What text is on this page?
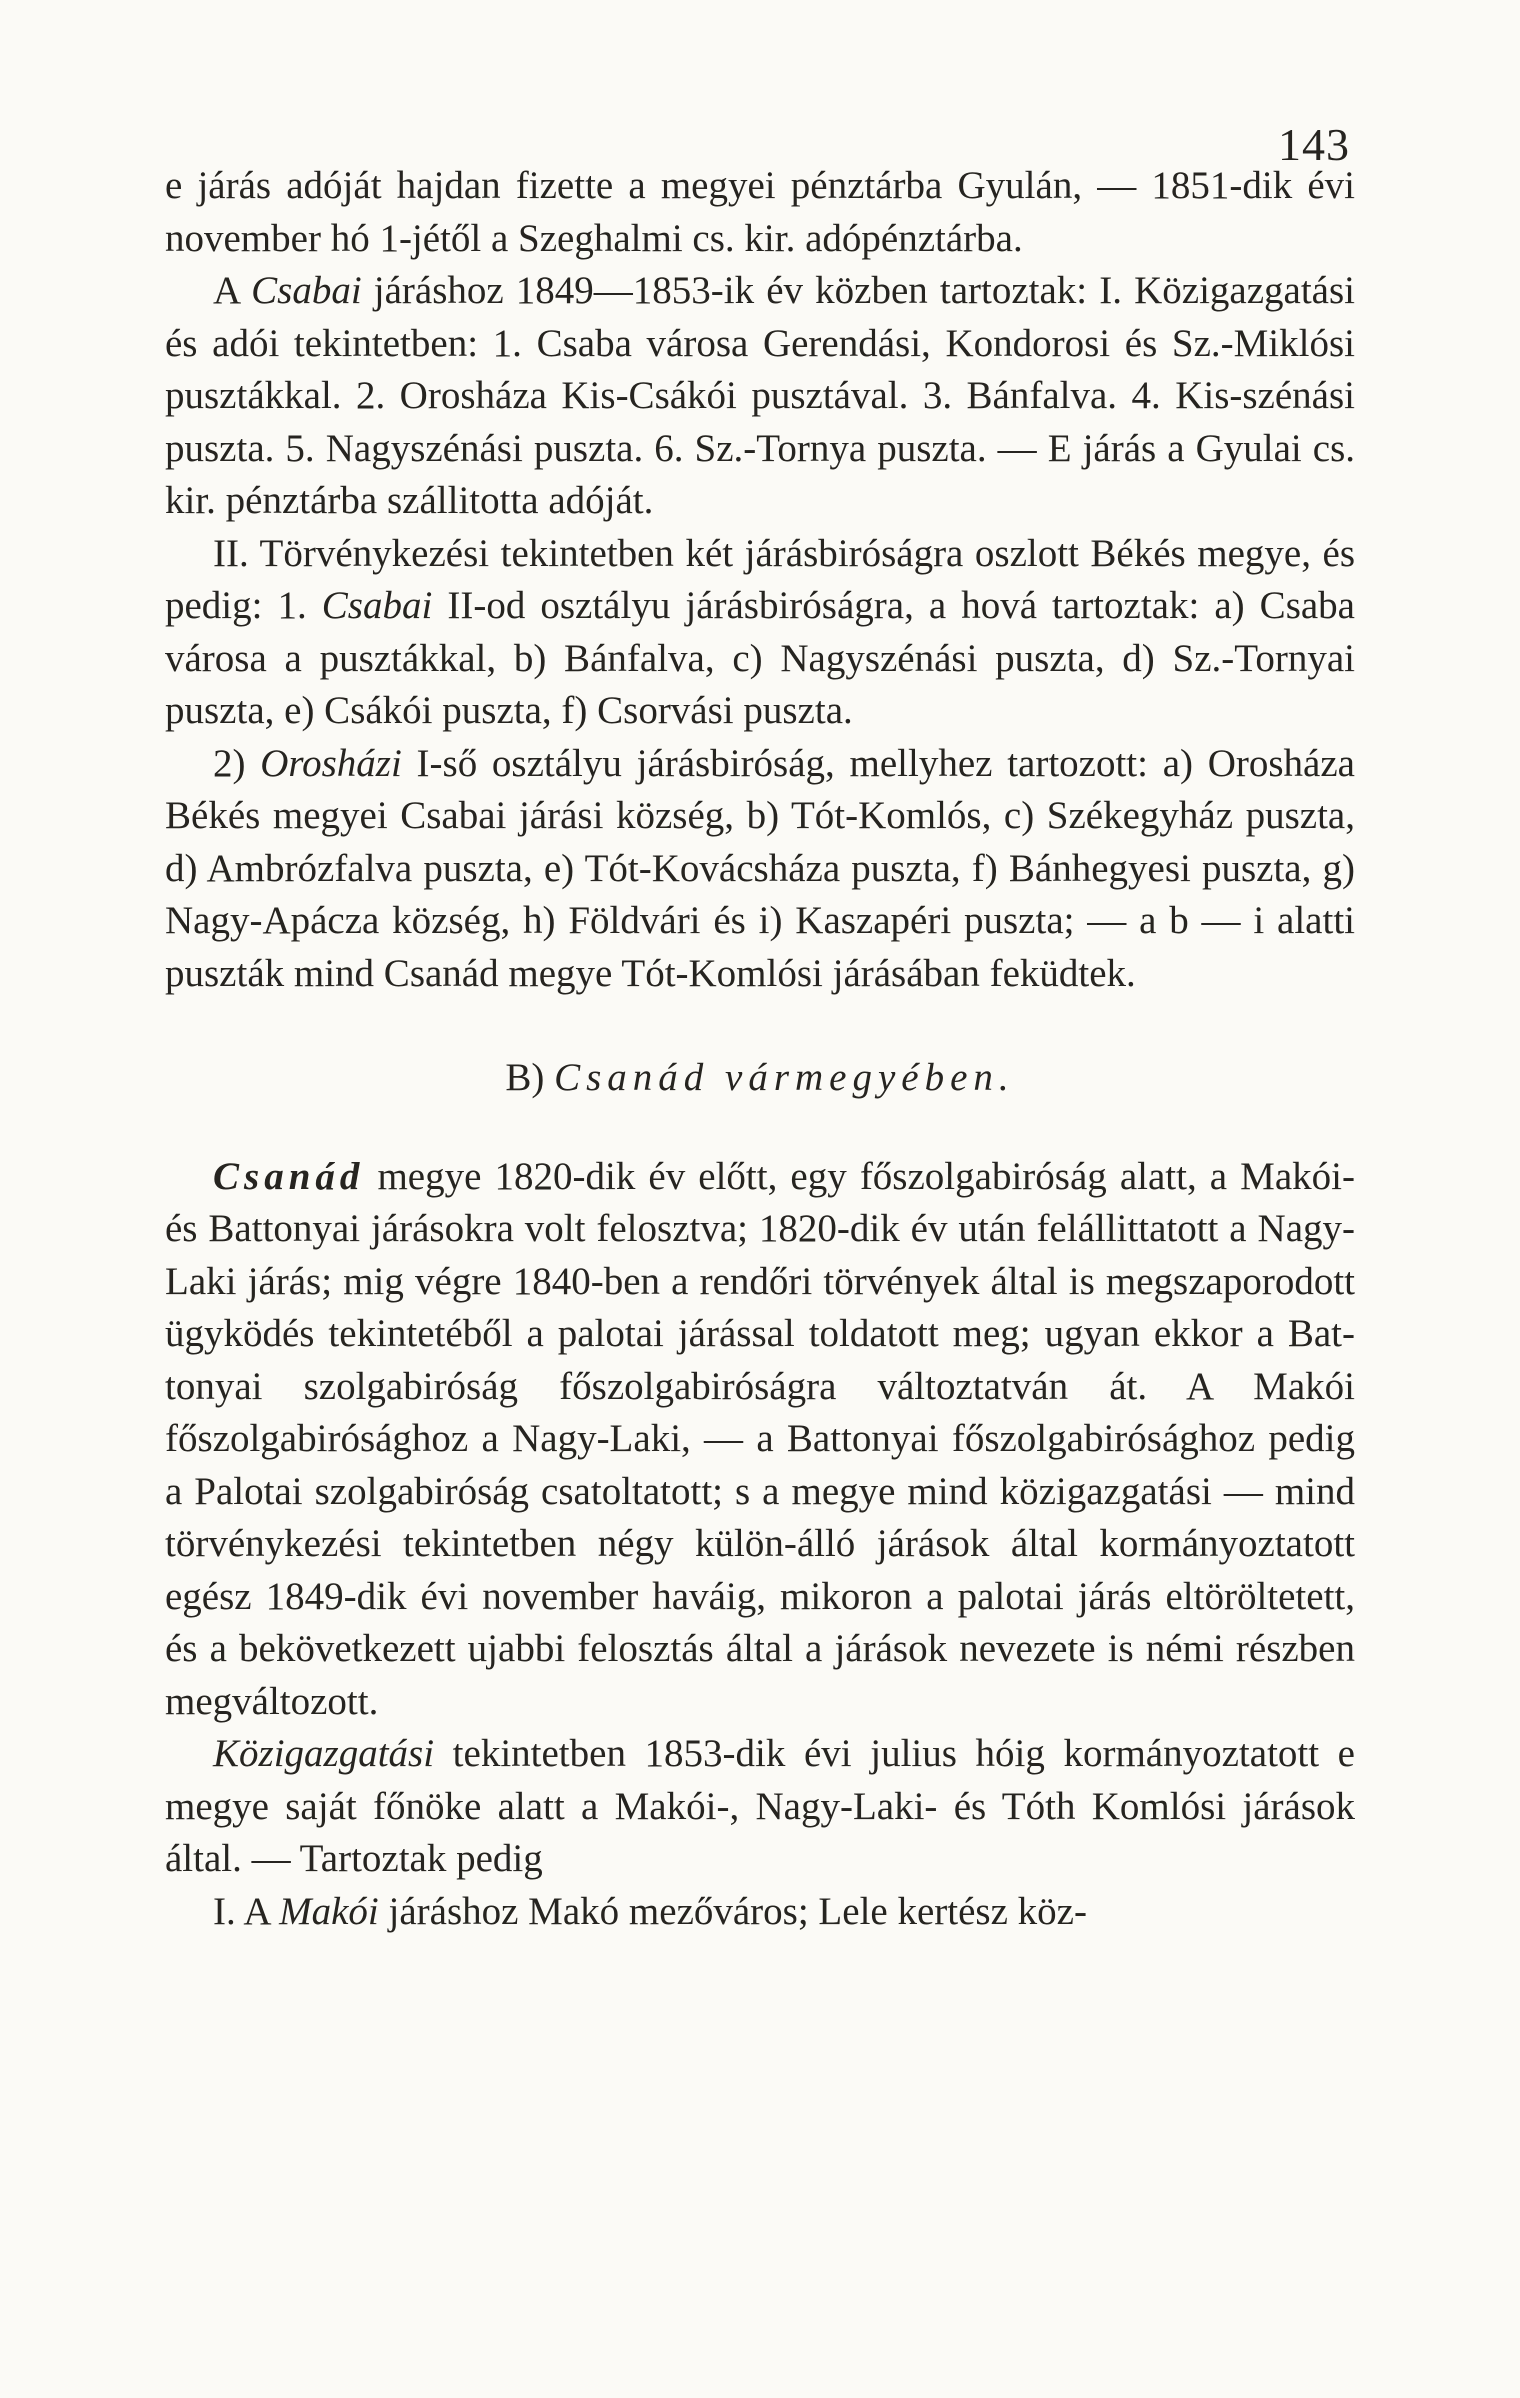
143

e járás adóját hajdan fizette a megyei pénztárba Gyulán, — 1851-dik évi november hó 1-jétől a Szeghalmi cs. kir. adópénztárba.

A Csabai járáshoz 1849—1853-ik év közben tartoztak: I. Közigazgatási és adói tekintetben: 1. Csaba városa Gerendási, Kondorosi és Sz.-Miklósi pusztákkal. 2. Orosháza Kis-Csákói pusztával. 3. Bánfalva. 4. Kis-szénási puszta. 5. Nagyszénási puszta. 6. Sz.-Tornya puszta. — E járás a Gyulai cs. kir. pénztárba szállitotta adóját.

II. Törvénykezési tekintetben két járásbiróságra oszlott Békés megye, és pedig: 1. Csabai II-od osztályu járásbiróságra, a hová tartoztak: a) Csaba városa a pusztákkal, b) Bánfalva, c) Nagyszénási puszta, d) Sz.-Tornyai puszta, e) Csákói puszta, f) Csorvási puszta.

2) Orosházi I-ső osztályu járásbiróság, mellyhez tartozott: a) Orosháza Békés megyei Csabai járási község, b) Tót-Komlós, c) Székegyház puszta, d) Ambrózfalva puszta, e) Tót-Kovácsháza puszta, f) Bánhegyesi puszta, g) Nagy-Apácza község, h) Földvári és i) Kaszapéri puszta; — a b — i alatti puszták mind Csanád megye Tót-Komlósi járásában feküdtek.

B) Csanád vármegyében.

Csanád megye 1820-dik év előtt, egy főszolgabiróság alatt, a Makói- és Battonyai járásokra volt felosztva; 1820-dik év után felállittatott a Nagy-Laki járás; mig végre 1840-ben a rendőri törvények által is megszaporodott ügyködés tekintetéből a palotai járással toldatott meg; ugyan ekkor a Battonyai szolgabiróság főszolgabiróságra változtatván át. A Makói főszolgabirósághoz a Nagy-Laki, — a Battonyai főszolgabirósághoz pedig a Palotai szolgabiróság csatoltatott; s a megye mind közigazgatási — mind törvénykezési tekintetben négy külön-álló járások által kormányoztatott egész 1849-dik évi november haváig, mikoron a palotai járás eltöröltetett, és a bekövetkezett ujabbi felosztás által a járások nevezete is némi részben megváltozott.

Közigazgatási tekintetben 1853-dik évi julius hóig kormányoztatott e megye saját főnöke alatt a Makói-, Nagy-Laki- és Tóth Komlósi járások által. — Tartoztak pedig

I. A Makói járáshoz Makó mezőváros; Lele kertész köz-
